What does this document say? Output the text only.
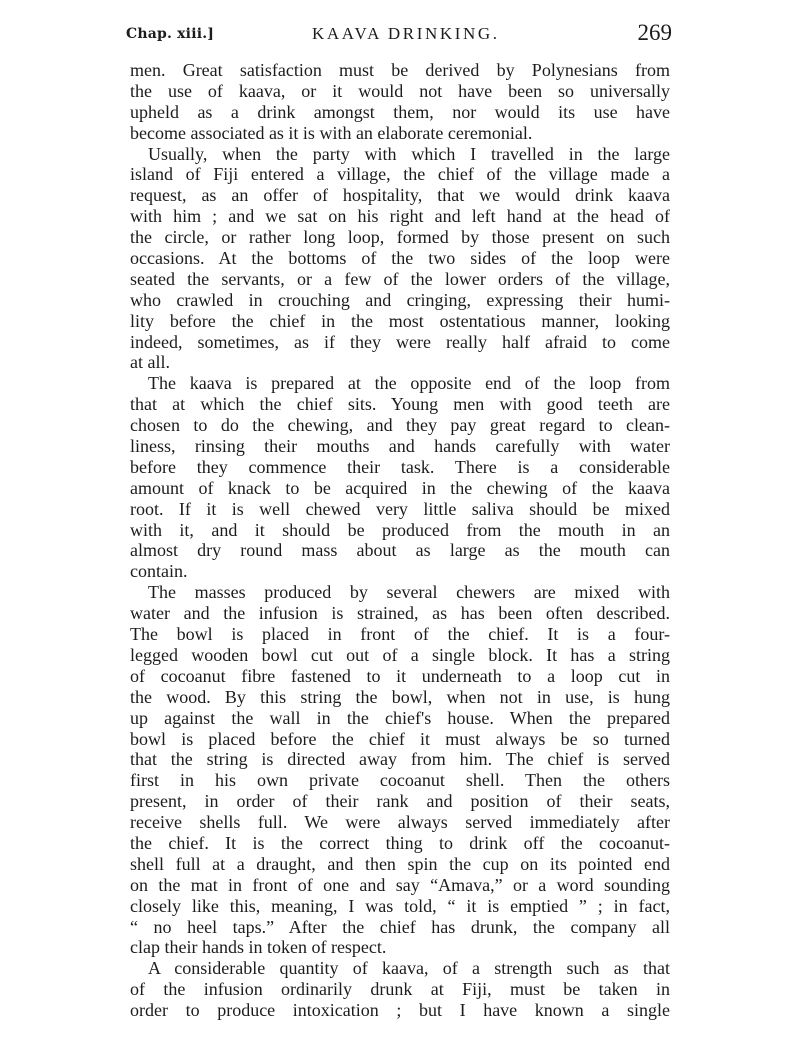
Chap. xiii.]	KAAVA DRINKING.	269
men. Great satisfaction must be derived by Polynesians from
the use of kaava, or it would not have been so universally
upheld as a drink amongst them, nor would its use have
become associated as it is with an elaborate ceremonial.
Usually, when the party with which I travelled in the large
island of Fiji entered a village, the chief of the village made a
request, as an offer of hospitality, that we would drink kaava
with him ; and we sat on his right and left hand at the head of
the circle, or rather long loop, formed by those present on such
occasions. At the bottoms of the two sides of the loop were
seated the servants, or a few of the lower orders of the village,
who crawled in crouching and cringing, expressing their humi-
lity before the chief in the most ostentatious manner, looking
indeed, sometimes, as if they were really half afraid to come
at all.
The kaava is prepared at the opposite end of the loop from
that at which the chief sits. Young men with good teeth are
chosen to do the chewing, and they pay great regard to clean-
liness, rinsing their mouths and hands carefully with water
before they commence their task. There is a considerable
amount of knack to be acquired in the chewing of the kaava
root. If it is well chewed very little saliva should be mixed
with it, and it should be produced from the mouth in an
almost dry round mass about as large as the mouth can
contain.
The masses produced by several chewers are mixed with
water and the infusion is strained, as has been often described.
The bowl is placed in front of the chief. It is a four-
legged wooden bowl cut out of a single block. It has a string
of cocoanut fibre fastened to it underneath to a loop cut in
the wood. By this string the bowl, when not in use, is hung
up against the wall in the chief's house. When the prepared
bowl is placed before the chief it must always be so turned
that the string is directed away from him. The chief is served
first in his own private cocoanut shell. Then the others
present, in order of their rank and position of their seats,
receive shells full. We were always served immediately after
the chief. It is the correct thing to drink off the cocoanut-
shell full at a draught, and then spin the cup on its pointed end
on the mat in front of one and say “Amava,” or a word sounding
closely like this, meaning, I was told, “ it is emptied ” ; in fact,
“ no heel taps.” After the chief has drunk, the company all
clap their hands in token of respect.
A considerable quantity of kaava, of a strength such as that
of the infusion ordinarily drunk at Fiji, must be taken in
order to produce intoxication ; but I have known a single
